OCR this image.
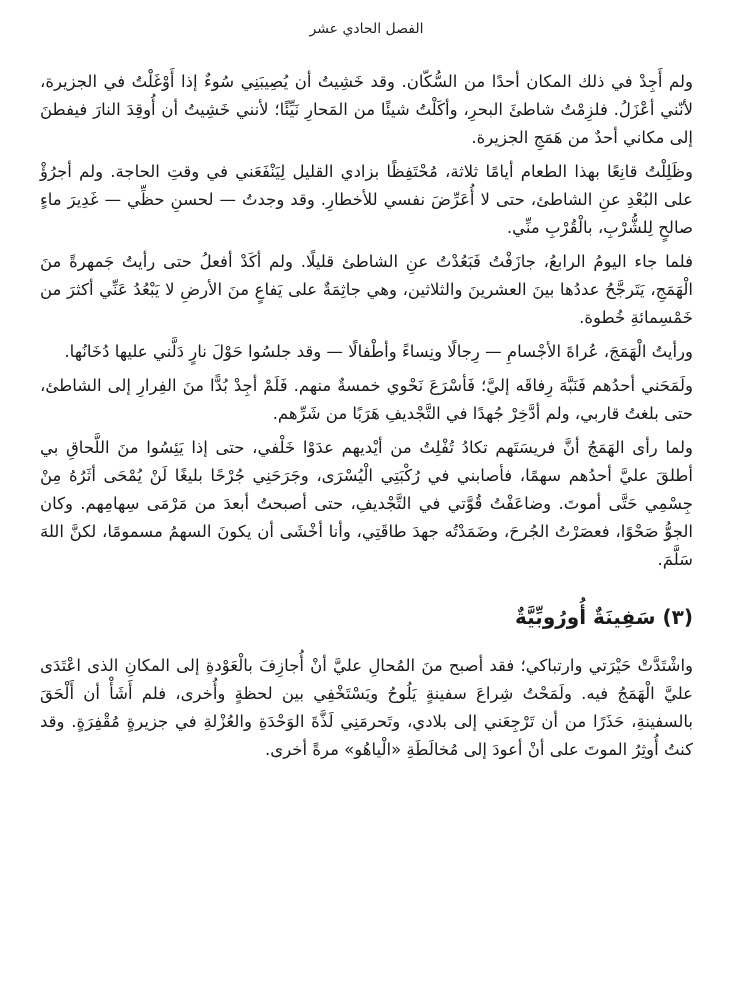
الفصل الحادي عشر

ولم أَجِدْ في ذلك المكان أحدًا من السُّكّان. وقد خَشِيتُ أن يُصِيبَنِي سُوءٌ إذا أَوْغَلْتُ في الجزيرة، لأنّني أعْزَلُ. فلزِمْتُ شاطئَ البحرِ، وأكَلْتُ شيئًا من المَحارِ نَيِّئًا؛ لأنني خَشِيتُ أن أُوقِدَ النارَ فيفطنَ إلى مكاني أحدٌ من هَمَجِ الجزيرة.

وظَلِلْتُ قانِعًا بهذا الطعام أيامًا ثلاثة، مُحْتَفِظًا بزادي القليل لِيَنْفَعَني في وقتِ الحاجة. ولم أجرُؤْ على البُعْدِ عنِ الشاطئ، حتى لا أُعَرِّضَ نفسي للأخطارِ. وقد وجدتُ — لحسنِ حظِّي — غَدِيرَ ماءٍ صالحٍ لِلشُّرْبِ، بالْقُرْبِ منِّي.

فلما جاء اليومُ الرابعُ، جازَفْتُ فَبَعُدْتُ عنِ الشاطئ قليلًا. ولم أكَدْ أفعلُ حتى رأيتُ جَمهرةً منَ الْهَمَجِ، يَتَرجَّحُ عددُها بينَ العشرينَ والثلاثين، وهي جاثِمَةٌ على يَفاعٍ منَ الأرضِ لا يَبْعُدُ عَنِّي أكثرَ من خَمْسِمائةِ خُطوة.

ورأيتُ الْهَمَجَ، عُراةَ الأجْسامِ — رِجالًا ونِساءً وأطْفالًا — وقد جلسُوا حَوْلَ نارٍ دَلَّني عليها دُخَانُها.

ولَمَحَني أحدُهم فَنَبَّهَ رِفاقَه إليَّ؛ فَأسْرَعَ نَحْوي خمسةٌ منهم. فَلَمْ أجِدْ بُدًّا منَ الفِرارِ إلى الشاطئ، حتى بلغتُ قاربي، ولم أدَّخِرْ جُهدًا في التَّجْديفِ هَرَبًا من شَرِّهم.

ولما رأى الهَمَجُ أنَّ فريسَتَهم تكادُ تُفْلِتُ من أيْديهم عدَوْا خَلْفي، حتى إذا يَئِسُوا منَ اللَّحاقِ بي أطلقَ عليَّ أحدُهم سهمًا، فأصابني في رُكْبَتِي الْيُسْرَى، وجَرَحَنِي جُرْحًا بليغًا لَنْ يُمْحَى أثَرُهُ مِنْ جِسْمِي حَتَّى أموتَ. وضاعَفْتُ قُوَّتي في التَّجْديفِ، حتى أصبحتُ أبعدَ من مَرْمَى سِهامِهم. وكان الجوُّ صَحْوًا، فعصَرْتُ الجُرحَ، وضَمَدْتُه جهدَ طاقَتِي، وأنا أخْشَى أن يكونَ السهمُ مسمومًا، لكنَّ اللهَ سَلَّمَ.

(٣) سَفِينَةٌ أُورُوبِّيَّةٌ

واشْتَدَّتْ حَيْرَتي وارتباكي؛ فقد أصبح منَ المُحالِ عليَّ أنْ أُجازِفَ بالْعَوْدةِ إلى المكانِ الذى اعْتَدَى عليَّ الْهَمَجُ فيه. ولَمَحْتُ شِراعَ سفينةٍ يَلُوحُ ويَسْتَخْفِي بين لحظةٍ وأُخرى، فلم أَشَأْ أن أَلْحَقَ بالسفينةِ، حَذَرًا من أن تَرْجِعَني إلى بلادي، وتَحرمَنِي لَذَّةَ الوَحْدَةِ والعُزْلةِ في جزيرةٍ مُقْفِرَةٍ. وقد كنتُ أُوثِرُ الموتَ على أنْ أعودَ إلى مُخالَطَةِ «الْياهُو» مرةً أخرى.
